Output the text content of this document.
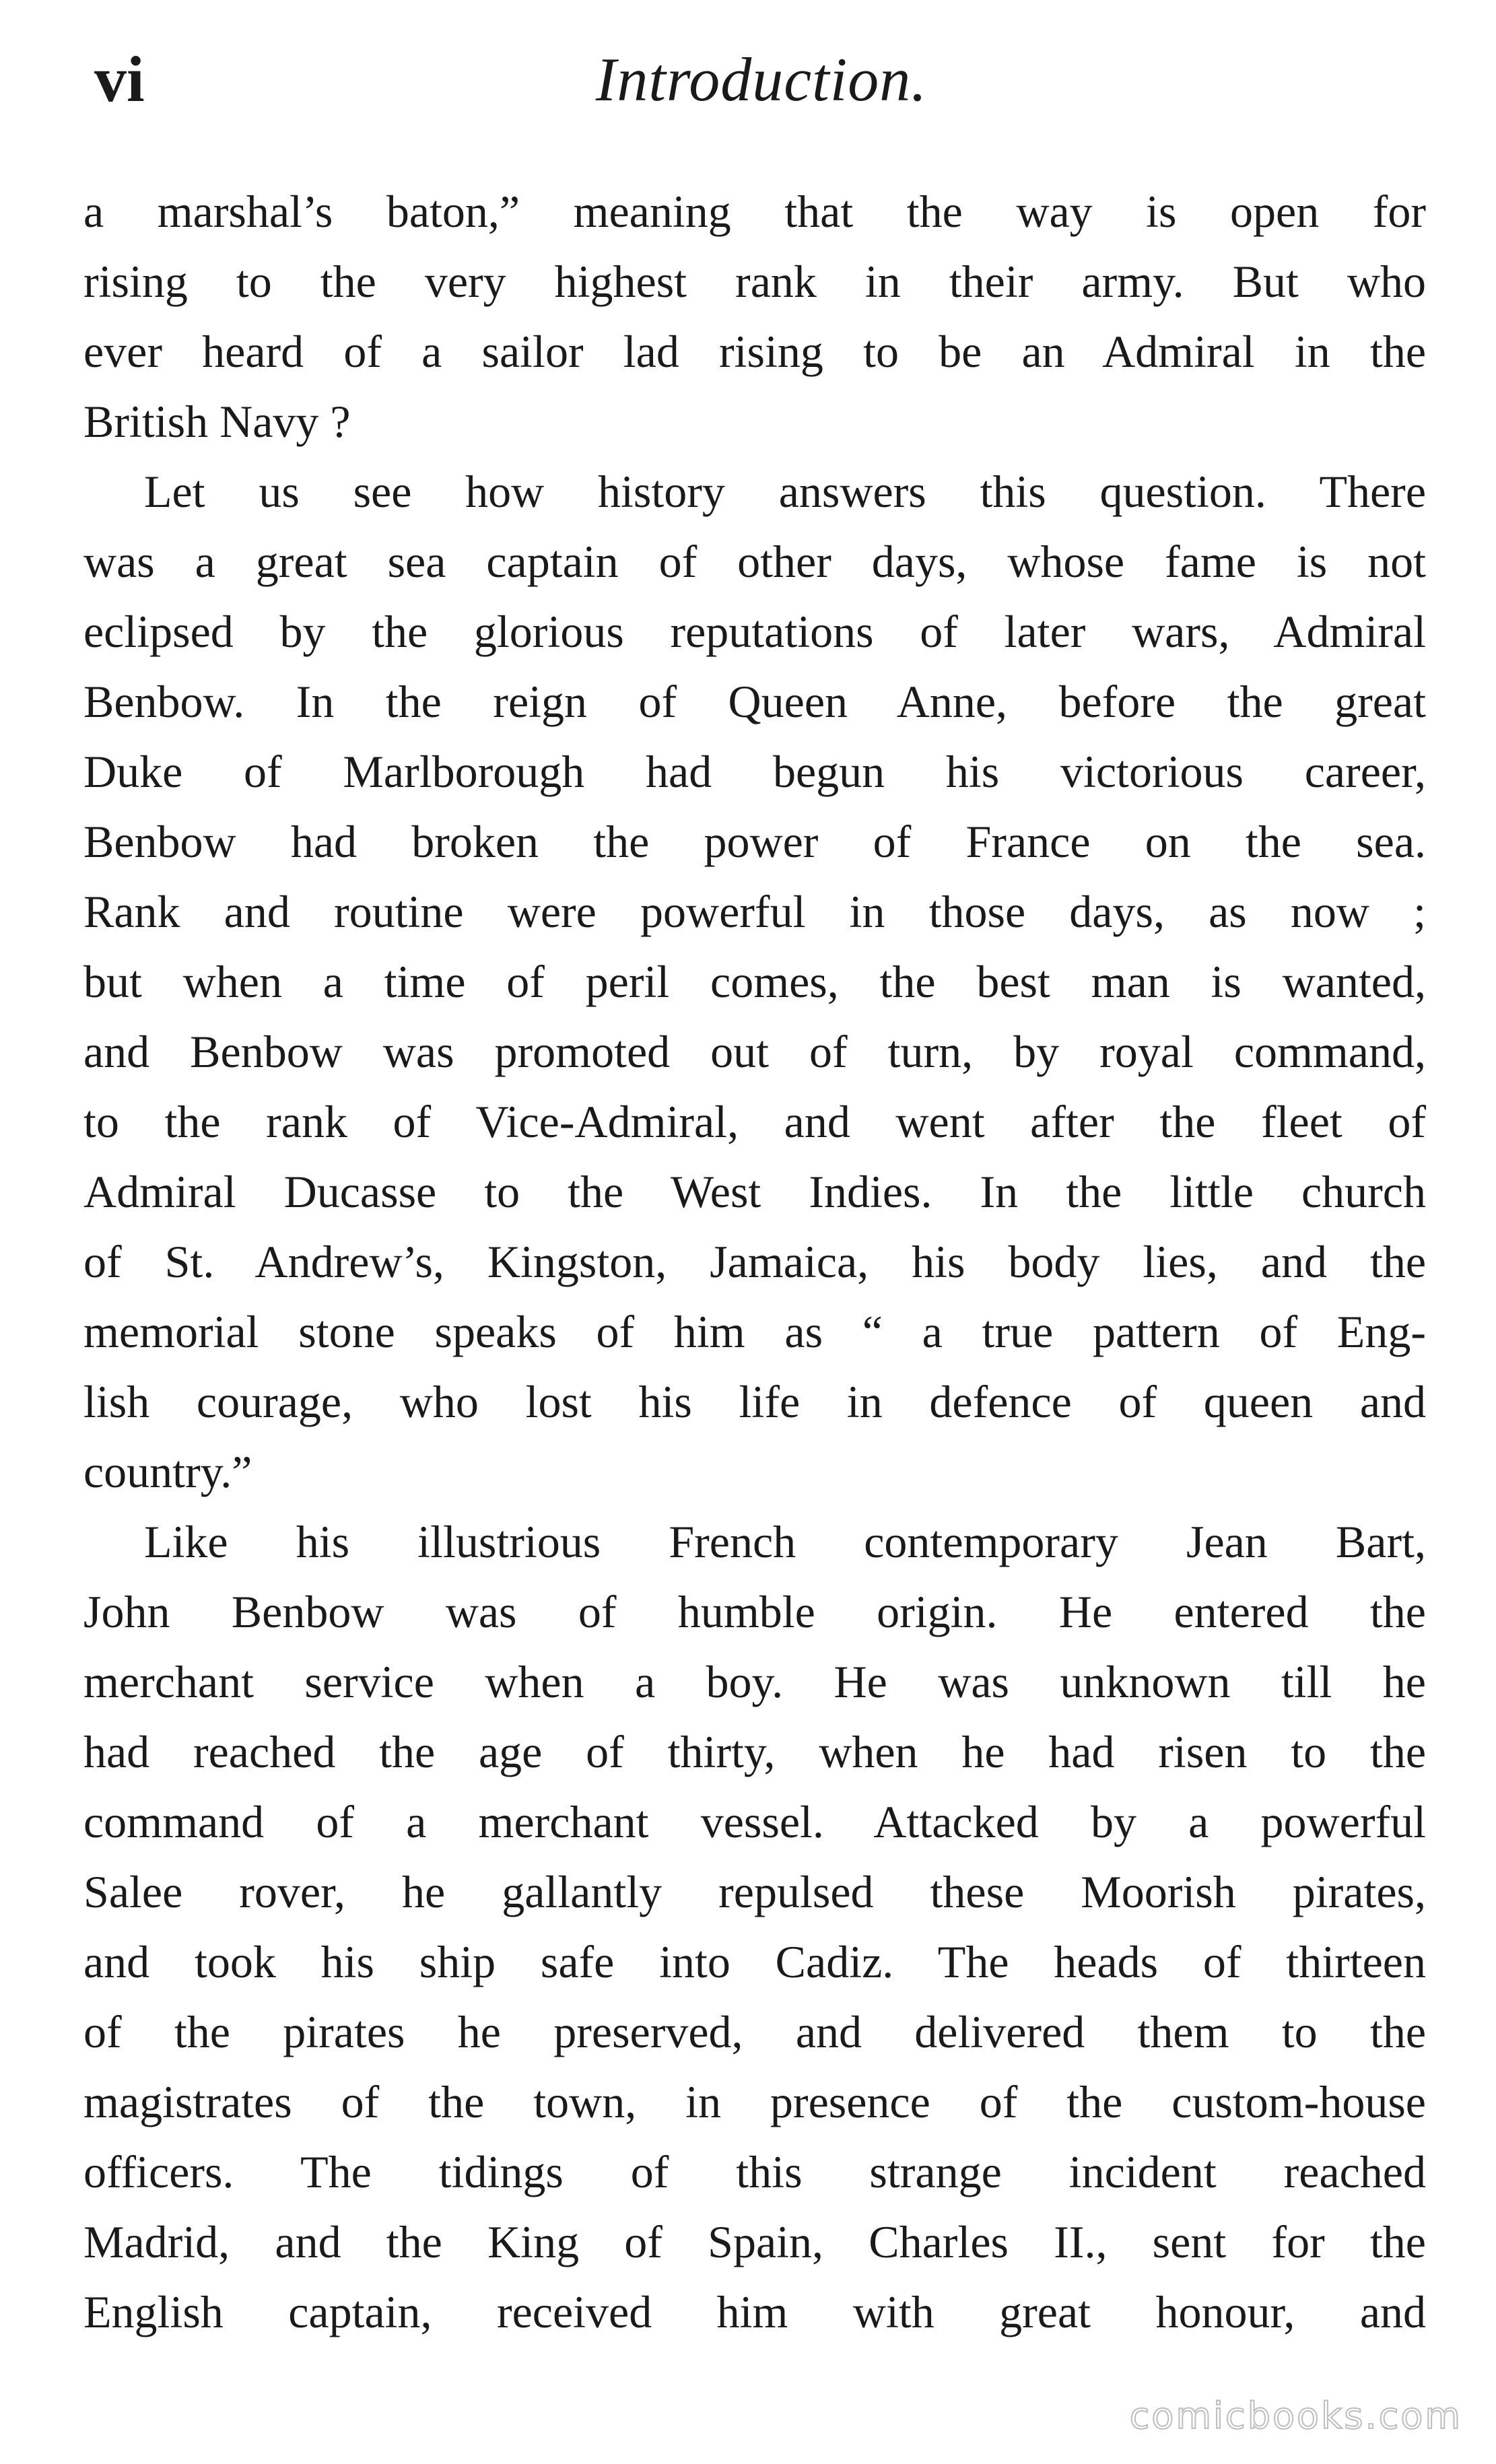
vi	Introduction.

a marshal’s baton,” meaning that the way is open for
rising to the very highest rank in their army. But who
ever heard of a sailor lad rising to be an Admiral in the
British Navy ?

Let us see how history answers this question. There
was a great sea captain of other days, whose fame is not
eclipsed by the glorious reputations of later wars, Admiral
Benbow. In the reign of Queen Anne, before the great
Duke of Marlborough had begun his victorious career,
Benbow had broken the power of France on the sea.
Rank and routine were powerful in those days, as now ;
but when a time of peril comes, the best man is wanted,
and Benbow was promoted out of turn, by royal command,
to the rank of Vice-Admiral, and went after the fleet of
Admiral Ducasse to the West Indies. In the little church
of St. Andrew’s, Kingston, Jamaica, his body lies, and the
memorial stone speaks of him as “ a true pattern of Eng-
lish courage, who lost his life in defence of queen and
country.”

Like his illustrious French contemporary Jean Bart,
John Benbow was of humble origin. He entered the
merchant service when a boy. He was unknown till he
had reached the age of thirty, when he had risen to the
command of a merchant vessel. Attacked by a powerful
Salee rover, he gallantly repulsed these Moorish pirates,
and took his ship safe into Cadiz. The heads of thirteen
of the pirates he preserved, and delivered them to the
magistrates of the town, in presence of the custom-house
officers. The tidings of this strange incident reached
Madrid, and the King of Spain, Charles II., sent for the
English captain, received him with great honour, and

comicbooks.com
